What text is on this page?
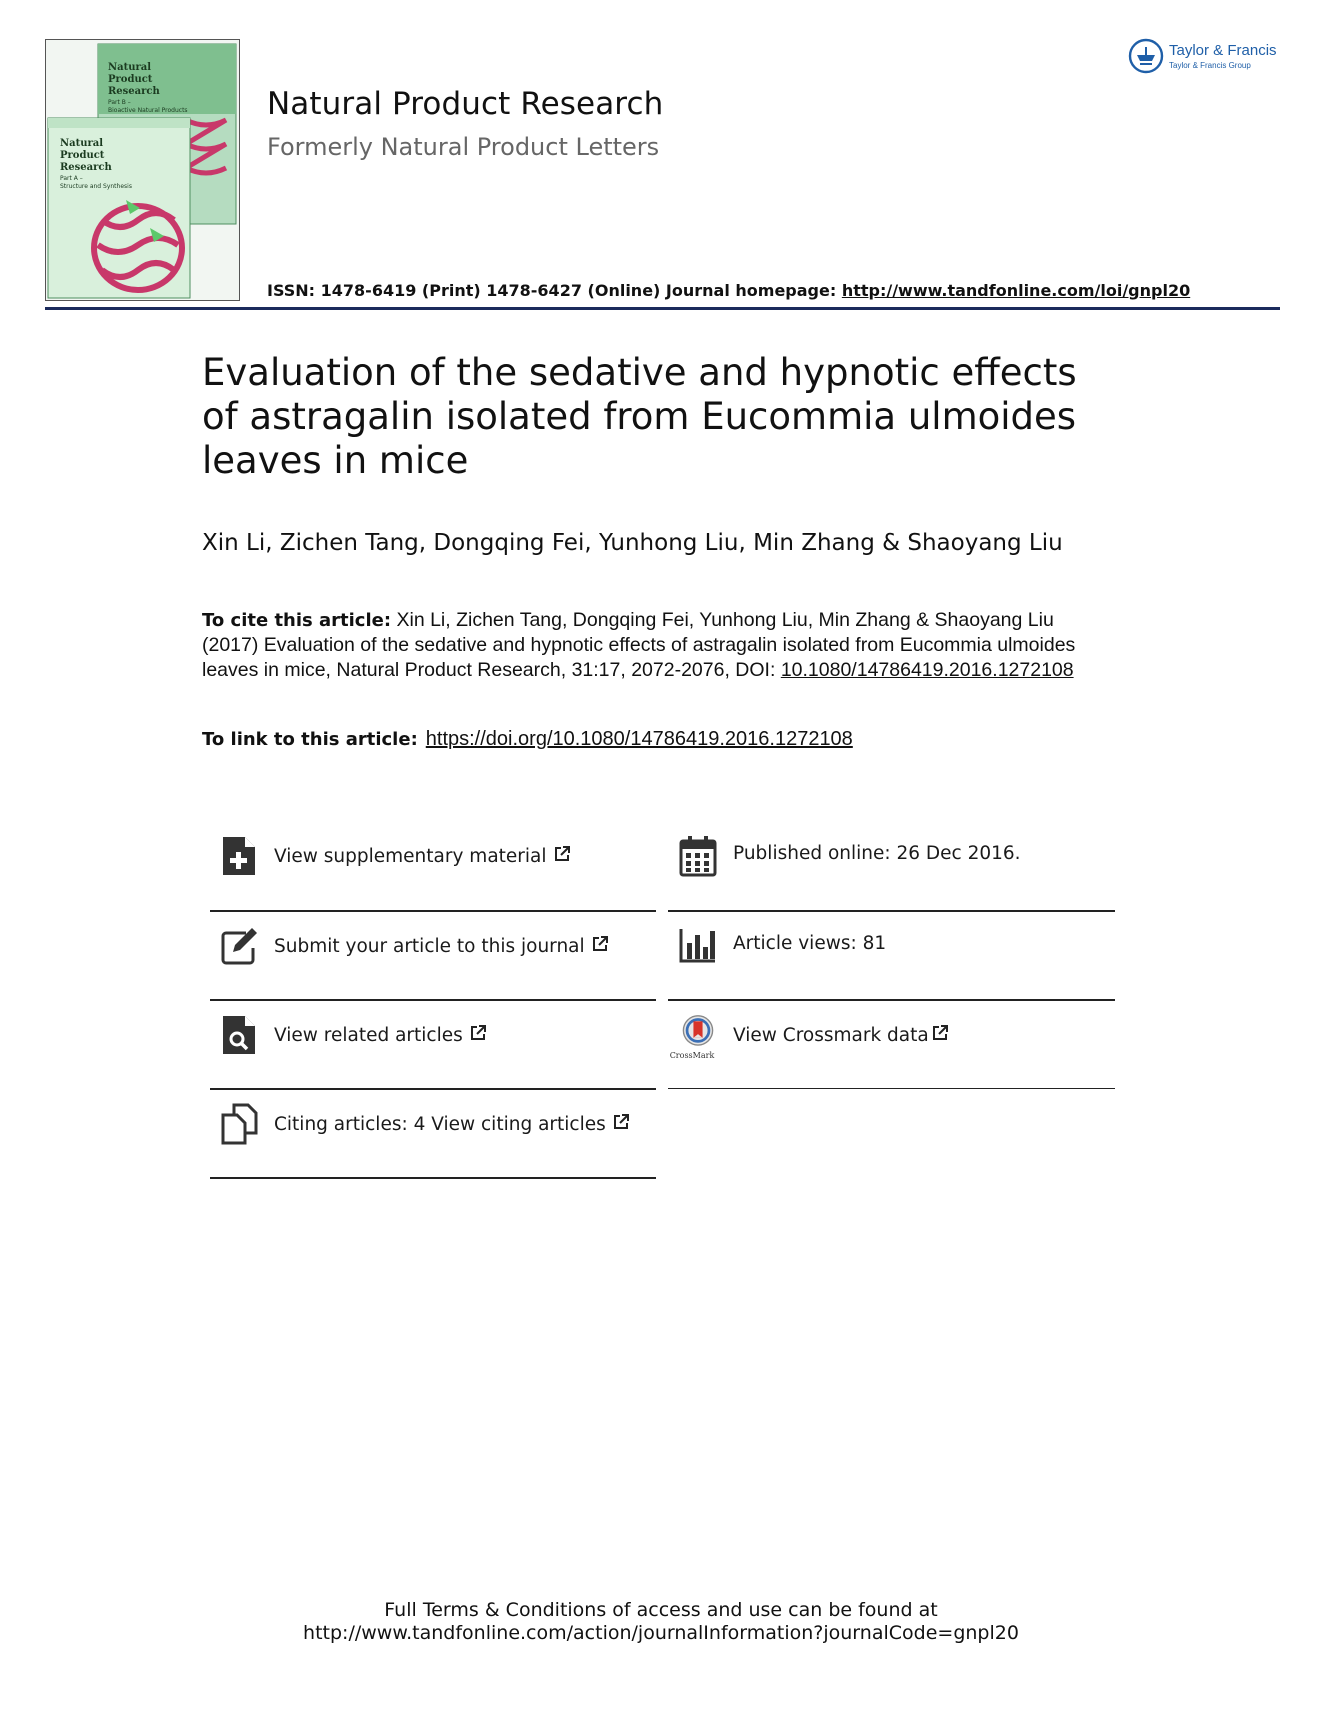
Natural
Product
Research
Part B –
Bioactive Natural Products
Natural
Product
Research
Part A –
Structure and Synthesis
Natural Product Research
Formerly Natural Product Letters
ISSN: 1478-6419 (Print) 1478-6427 (Online) Journal homepage: http://www.tandfonline.com/loi/gnpl20
Taylor & Francis
Taylor & Francis Group
Evaluation of the sedative and hypnotic effects of astragalin isolated from Eucommia ulmoides leaves in mice
Xin Li, Zichen Tang, Dongqing Fei, Yunhong Liu, Min Zhang & Shaoyang Liu
To cite this article: Xin Li, Zichen Tang, Dongqing Fei, Yunhong Liu, Min Zhang & Shaoyang Liu (2017) Evaluation of the sedative and hypnotic effects of astragalin isolated from Eucommia ulmoides leaves in mice, Natural Product Research, 31:17, 2072-2076, DOI: 10.1080/14786419.2016.1272108
To link to this article: https://doi.org/10.1080/14786419.2016.1272108
View supplementary material
Submit your article to this journal
View related articles
Citing articles: 4 View citing articles
Published online: 26 Dec 2016.
Article views: 81
CrossMark
View Crossmark data
Full Terms & Conditions of access and use can be found at
http://www.tandfonline.com/action/journalInformation?journalCode=gnpl20
